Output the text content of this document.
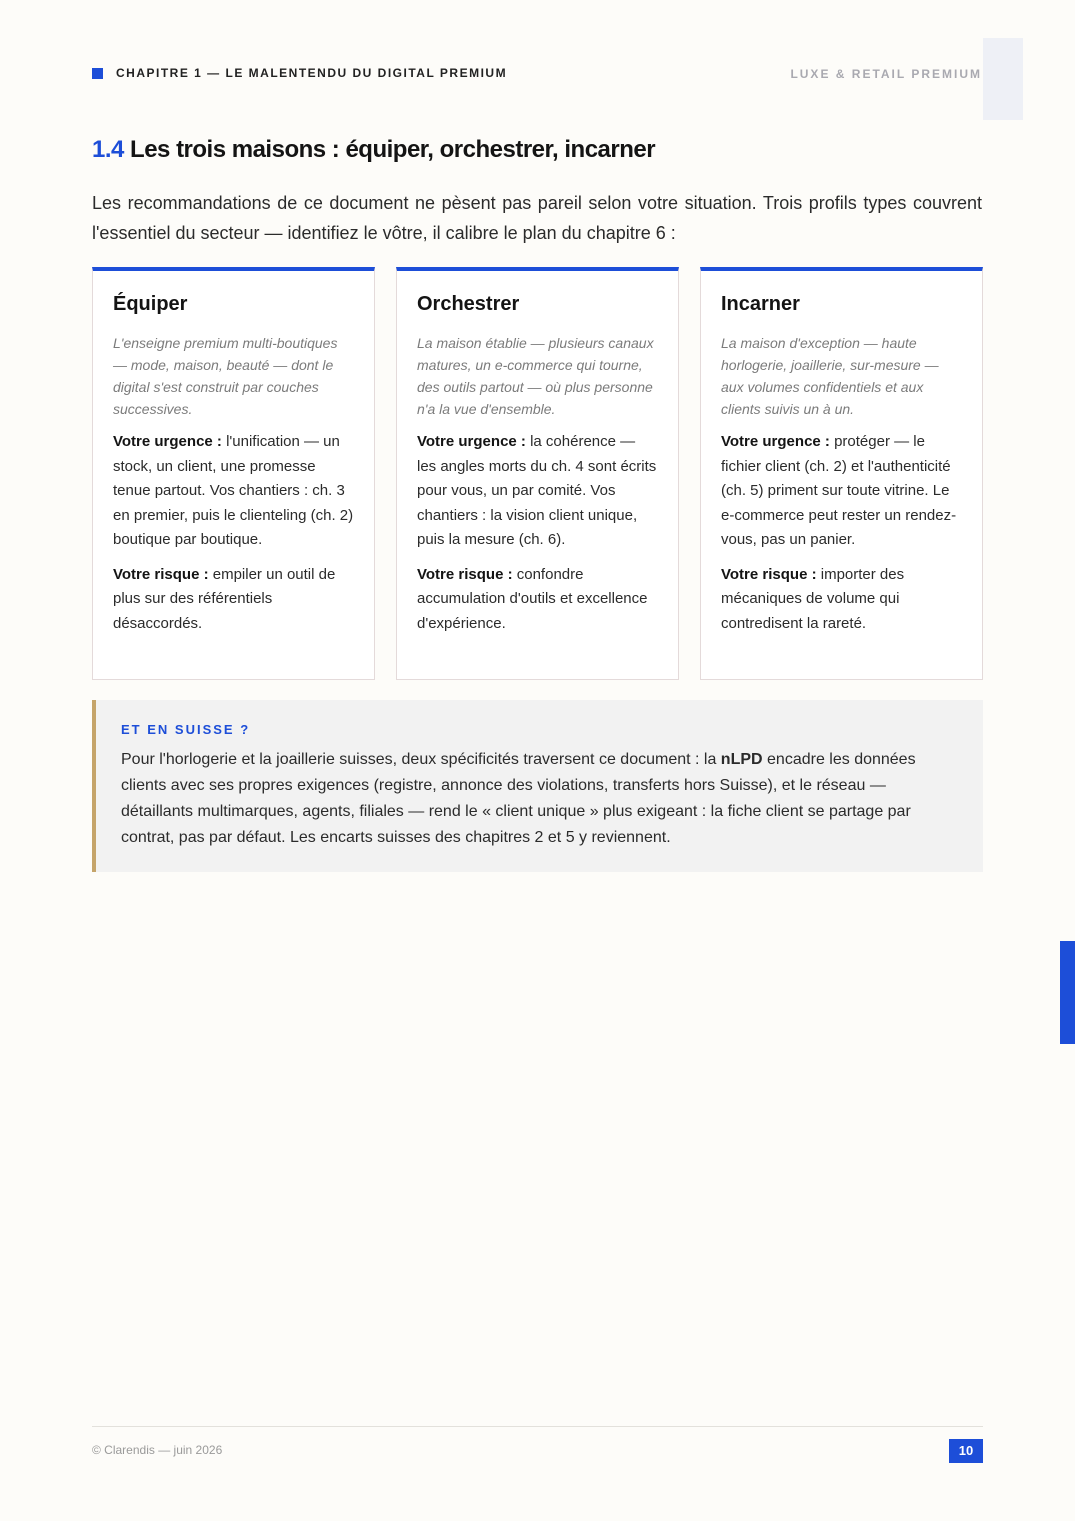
CHAPITRE 1 — LE MALENTENDU DU DIGITAL PREMIUM	LUXE & RETAIL PREMIUM
1.4 Les trois maisons : équiper, orchestrer, incarner

Les recommandations de ce document ne pèsent pas pareil selon votre situation. Trois profils types couvrent l'essentiel du secteur — identifiez le vôtre, il calibre le plan du chapitre 6 :

Équiper

L'enseigne premium multi-boutiques — mode, maison, beauté — dont le digital s'est construit par couches successives.

Votre urgence : l'unification — un stock, un client, une promesse tenue partout. Vos chantiers : ch. 3 en premier, puis le clienteling (ch. 2) boutique par boutique.

Votre risque : empiler un outil de plus sur des référentiels désaccordés.

Orchestrer

La maison établie — plusieurs canaux matures, un e-commerce qui tourne, des outils partout — où plus personne n'a la vue d'ensemble.

Votre urgence : la cohérence — les angles morts du ch. 4 sont écrits pour vous, un par comité. Vos chantiers : la vision client unique, puis la mesure (ch. 6).

Votre risque : confondre accumulation d'outils et excellence d'expérience.

Incarner

La maison d'exception — haute horlogerie, joaillerie, sur-mesure — aux volumes confidentiels et aux clients suivis un à un.

Votre urgence : protéger — le fichier client (ch. 2) et l'authenticité (ch. 5) priment sur toute vitrine. Le e-commerce peut rester un rendez-vous, pas un panier.

Votre risque : importer des mécaniques de volume qui contredisent la rareté.

ET EN SUISSE ?

Pour l'horlogerie et la joaillerie suisses, deux spécificités traversent ce document : la nLPD encadre les données clients avec ses propres exigences (registre, annonce des violations, transferts hors Suisse), et le réseau — détaillants multimarques, agents, filiales — rend le « client unique » plus exigeant : la fiche client se partage par contrat, pas par défaut. Les encarts suisses des chapitres 2 et 5 y reviennent.

© Clarendis — juin 2026	10
